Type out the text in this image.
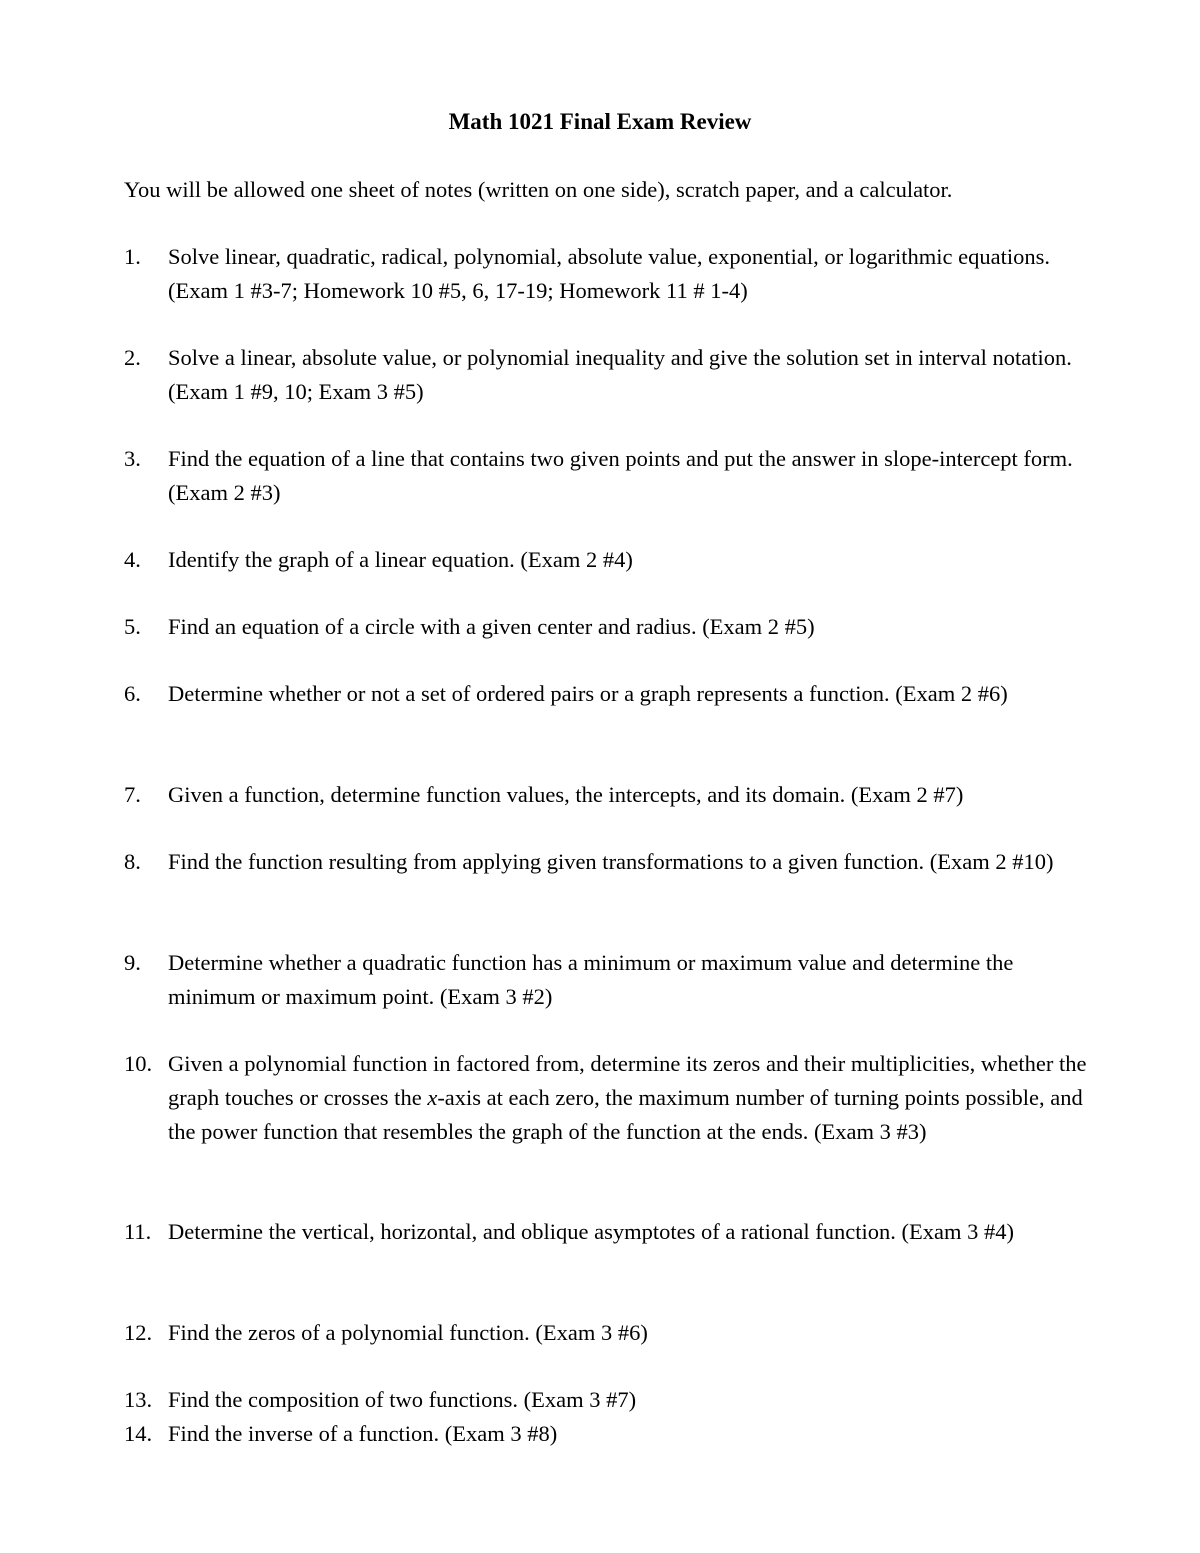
Math 1021 Final Exam Review
You will be allowed one sheet of notes (written on one side), scratch paper, and a calculator.
1.	Solve linear, quadratic, radical, polynomial, absolute value, exponential, or logarithmic equations. (Exam 1 #3-7; Homework 10 #5, 6, 17-19; Homework 11 # 1-4)
2.	Solve a linear, absolute value, or polynomial inequality and give the solution set in interval notation. (Exam 1 #9, 10; Exam 3 #5)
3.	Find the equation of a line that contains two given points and put the answer in slope-intercept form. (Exam 2 #3)
4.	Identify the graph of a linear equation. (Exam 2 #4)
5.	Find an equation of a circle with a given center and radius. (Exam 2 #5)
6.	Determine whether or not a set of ordered pairs or a graph represents a function. (Exam 2 #6)
7.	Given a function, determine function values, the intercepts, and its domain. (Exam 2 #7)
8.	Find the function resulting from applying given transformations to a given function. (Exam 2 #10)
9.	Determine whether a quadratic function has a minimum or maximum value and determine the minimum or maximum point. (Exam 3 #2)
10. Given a polynomial function in factored from, determine its zeros and their multiplicities, whether the graph touches or crosses the x-axis at each zero, the maximum number of turning points possible, and the power function that resembles the graph of the function at the ends. (Exam 3 #3)
11. Determine the vertical, horizontal, and oblique asymptotes of a rational function. (Exam 3 #4)
12. Find the zeros of a polynomial function. (Exam 3 #6)
13. Find the composition of two functions. (Exam 3 #7)
14. Find the inverse of a function. (Exam 3 #8)
